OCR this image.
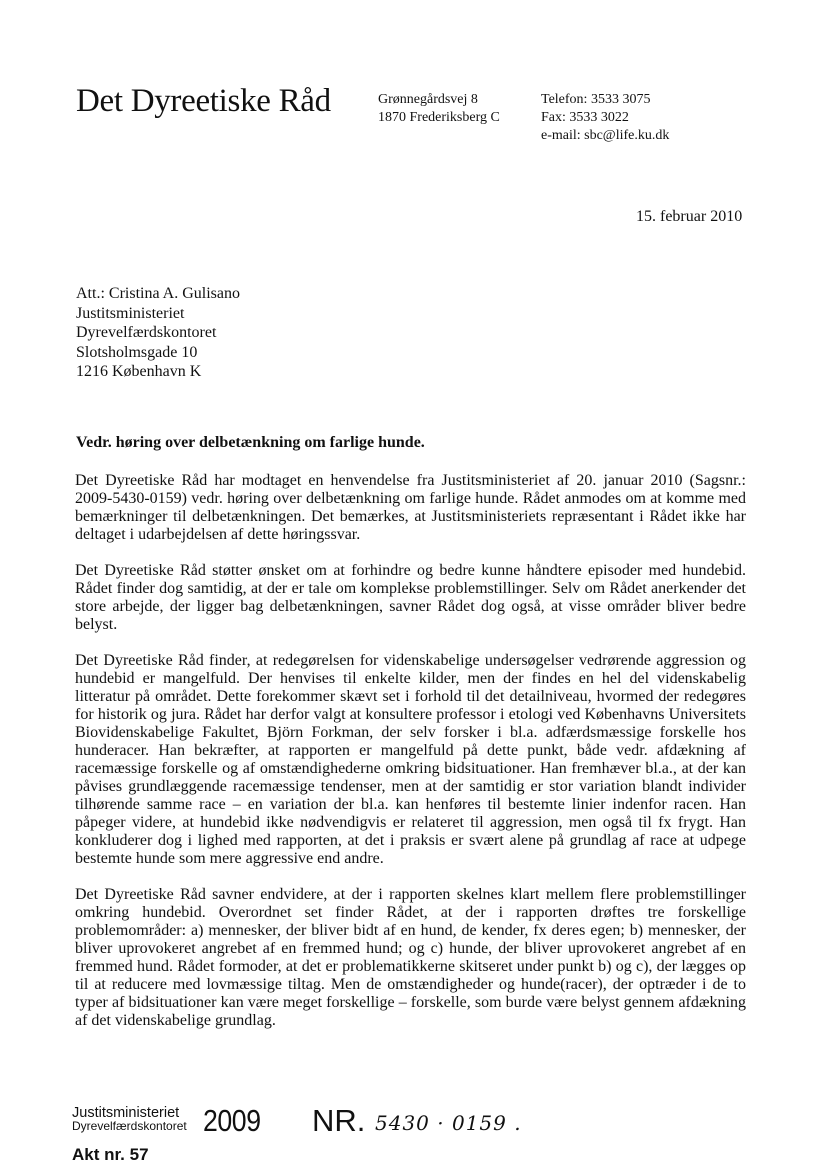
Det Dyreetiske Råd	Grønnegårdsvej 8
1870 Frederiksberg C
Telefon: 3533 3075
Fax: 3533 3022
e-mail: sbc@life.ku.dk
15. februar 2010
Att.: Cristina A. Gulisano
Justitsministeriet
Dyrevelfærdskontoret
Slotsholmsgade 10
1216 København K
Vedr. høring over delbetænkning om farlige hunde.

Det Dyreetiske Råd har modtaget en henvendelse fra Justitsministeriet af 20. januar 2010 (Sagsnr.: 2009-5430-0159) vedr. høring over delbetænkning om farlige hunde. Rådet anmodes om at komme med bemærkninger til delbetænkningen. Det bemærkes, at Justitsministeriets repræsentant i Rådet ikke har deltaget i udarbejdelsen af dette høringssvar.

Det Dyreetiske Råd støtter ønsket om at forhindre og bedre kunne håndtere episoder med hundebid. Rådet finder dog samtidig, at der er tale om komplekse problemstillinger. Selv om Rådet anerkender det store arbejde, der ligger bag delbetænkningen, savner Rådet dog også, at visse områder bliver bedre belyst.

Det Dyreetiske Råd finder, at redegørelsen for videnskabelige undersøgelser vedrørende aggression og hundebid er mangelfuld. Der henvises til enkelte kilder, men der findes en hel del videnskabelig litteratur på området. Dette forekommer skævt set i forhold til det detailniveau, hvormed der redegøres for historik og jura. Rådet har derfor valgt at konsultere professor i etologi ved Københavns Universitets Biovidenskabelige Fakultet, Björn Forkman, der selv forsker i bl.a. adfærdsmæssige forskelle hos hunderacer. Han bekræfter, at rapporten er mangelfuld på dette punkt, både vedr. afdækning af racemæssige forskelle og af omstændighederne omkring bidsituationer. Han fremhæver bl.a., at der kan påvises grundlæggende racemæssige tendenser, men at der samtidig er stor variation blandt individer tilhørende samme race – en variation der bl.a. kan henføres til bestemte linier indenfor racen. Han påpeger videre, at hundebid ikke nødvendigvis er relateret til aggression, men også til fx frygt. Han konkluderer dog i lighed med rapporten, at det i praksis er svært alene på grundlag af race at udpege bestemte hunde som mere aggressive end andre.

Det Dyreetiske Råd savner endvidere, at der i rapporten skelnes klart mellem flere problemstillinger omkring hundebid. Overordnet set finder Rådet, at der i rapporten drøftes tre forskellige problemområder: a) mennesker, der bliver bidt af en hund, de kender, fx deres egen; b) mennesker, der bliver uprovokeret angrebet af en fremmed hund; og c) hunde, der bliver uprovokeret angrebet af en fremmed hund. Rådet formoder, at det er problematikkerne skitseret under punkt b) og c), der lægges op til at reducere med lovmæssige tiltag. Men de omstændigheder og hunde(racer), der optræder i de to typer af bidsituationer kan være meget forskellige – forskelle, som burde være belyst gennem afdækning af det videnskabelige grundlag.

Justitsministeriet
Dyrevelfærdskontoret 2009 NR. 5430 · 0159 .
Akt nr. 57
